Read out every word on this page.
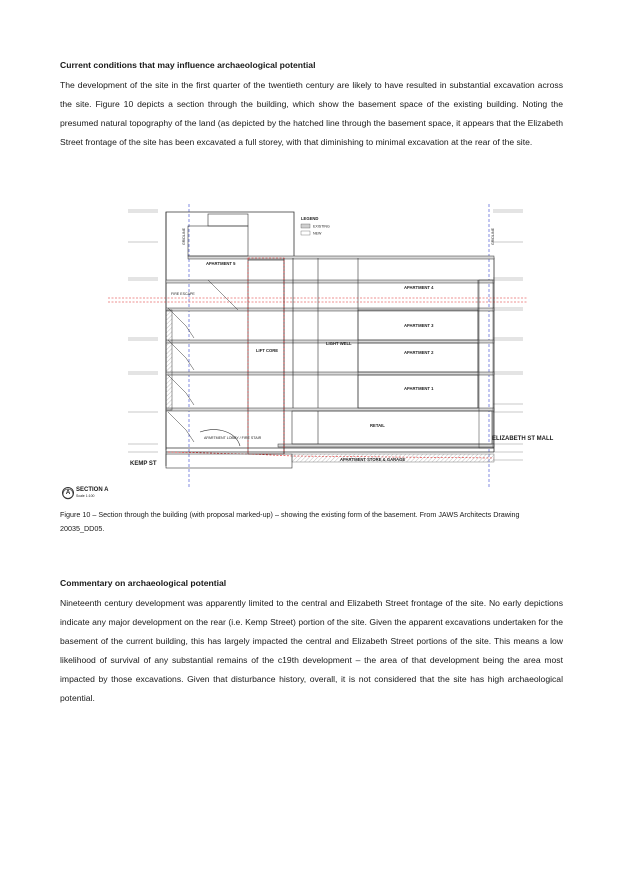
Current conditions that may influence archaeological potential

The development of the site in the first quarter of the twentieth century are likely to have resulted in substantial excavation across the site. Figure 10 depicts a section through the building, which show the basement space of the existing building. Noting the presumed natural topography of the land (as depicted by the hatched line through the basement space, it appears that the Elizabeth Street frontage of the site has been excavated a full storey, with that diminishing to minimal excavation at the rear of the site.

GRIDLINE	GRIDLINE
LEGEND
EXISTING
NEW
APARTMENT 5
APARTMENT 4
APARTMENT 3
APARTMENT 2
APARTMENT 1
RETAIL
LIFT CORE
LIGHT WELL
FIRE ESCAPE
APARTMENT LOBBY / FIRE STAIR
APARTMENT STORE & GARAGE
KEMP ST
ELIZABETH ST MALL
A SECTION A
Scale 1:100

Figure 10 – Section through the building (with proposal marked-up) – showing the existing form of the basement. From JAWS Architects Drawing 20035_DD05.

Commentary on archaeological potential

Nineteenth century development was apparently limited to the central and Elizabeth Street frontage of the site. No early depictions indicate any major development on the rear (i.e. Kemp Street) portion of the site. Given the apparent excavations undertaken for the basement of the current building, this has largely impacted the central and Elizabeth Street portions of the site. This means a low likelihood of survival of any substantial remains of the c19th development – the area of that development being the area most impacted by those excavations. Given that disturbance history, overall, it is not considered that the site has high archaeological potential.
